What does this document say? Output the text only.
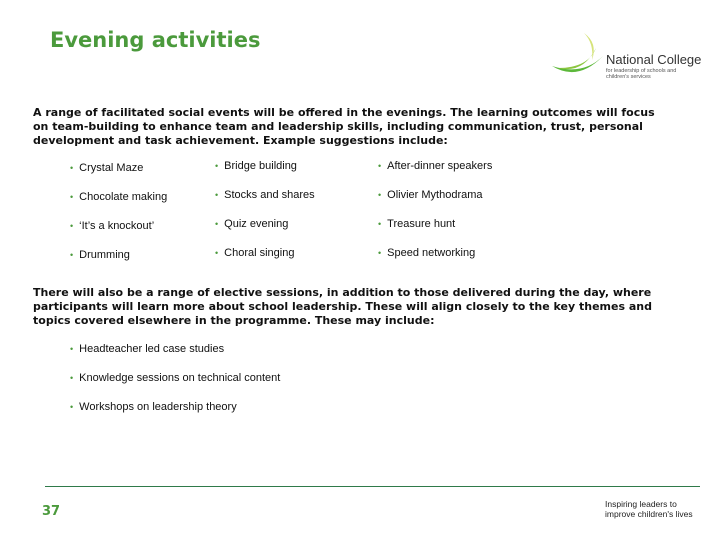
Evening activities
National College
for leadership of schools and children's services
A range of facilitated social events will be offered in the evenings. The learning outcomes will focus on team-building to enhance team and leadership skills, including communication, trust, personal development and task achievement. Example suggestions include:
• Crystal Maze	• Bridge building	• After-dinner speakers
• Chocolate making	• Stocks and shares	• Olivier Mythodrama
• ‘It’s a knockout’	• Quiz evening	• Treasure hunt
• Drumming	• Choral singing	• Speed networking
There will also be a range of elective sessions, in addition to those delivered during the day, where participants will learn more about school leadership. These will align closely to the key themes and topics covered elsewhere in the programme. These may include:
• Headteacher led case studies
• Knowledge sessions on technical content
• Workshops on leadership theory
37	Inspiring leaders to
improve children's lives
